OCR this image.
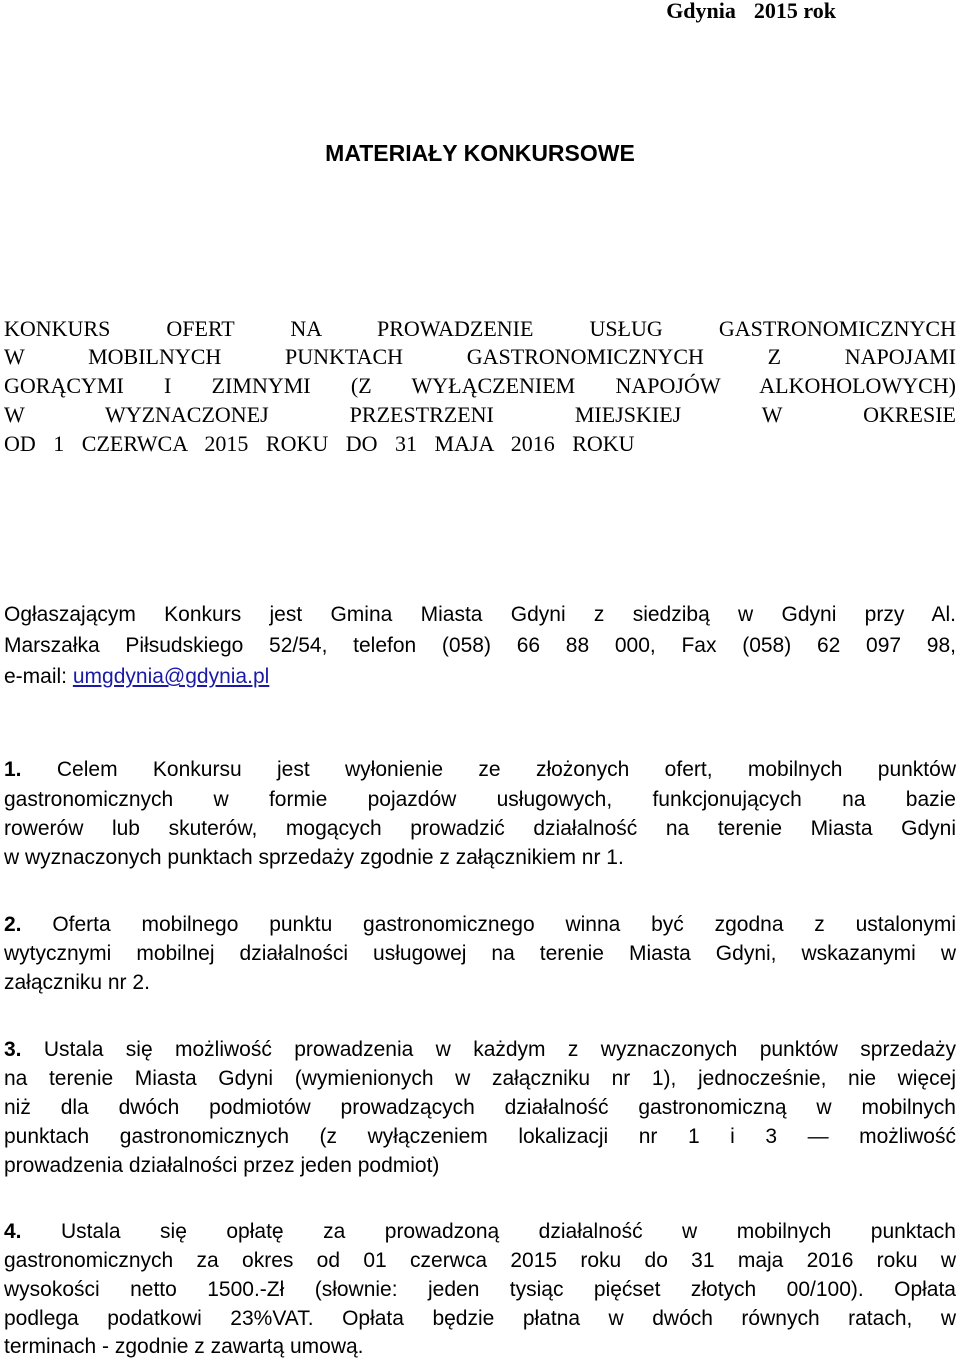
Gdynia 2015 rok
MATERIAŁY KONKURSOWE
KONKURS OFERT NA PROWADZENIE USŁUG GASTRONOMICZNYCH
W MOBILNYCH PUNKTACH GASTRONOMICZNYCH Z NAPOJAMI
GORĄCYMI I ZIMNYMI (Z WYŁĄCZENIEM NAPOJÓW ALKOHOLOWYCH)
W WYZNACZONEJ PRZESTRZENI MIEJSKIEJ W OKRESIE
OD 1 CZERWCA 2015 ROKU DO 31 MAJA 2016 ROKU
Ogłaszającym Konkurs jest Gmina Miasta Gdyni z siedzibą w Gdyni przy Al.
Marszałka Piłsudskiego 52/54, telefon (058) 66 88 000, Fax (058) 62 097 98,
e-mail: umgdynia@gdynia.pl
1. Celem Konkursu jest wyłonienie ze złożonych ofert, mobilnych punktów
gastronomicznych w formie pojazdów usługowych, funkcjonujących na bazie
rowerów lub skuterów, mogących prowadzić działalność na terenie Miasta Gdyni
w wyznaczonych punktach sprzedaży zgodnie z załącznikiem nr 1.
2. Oferta mobilnego punktu gastronomicznego winna być zgodna z ustalonymi
wytycznymi mobilnej działalności usługowej na terenie Miasta Gdyni, wskazanymi w
załączniku nr 2.
3. Ustala się możliwość prowadzenia w każdym z wyznaczonych punktów sprzedaży
na terenie Miasta Gdyni (wymienionych w załączniku nr 1), jednocześnie, nie więcej
niż dla dwóch podmiotów prowadzących działalność gastronomiczną w mobilnych
punktach gastronomicznych (z wyłączeniem lokalizacji nr 1 i 3 — możliwość
prowadzenia działalności przez jeden podmiot)
4. Ustala się opłatę za prowadzoną działalność w mobilnych punktach
gastronomicznych za okres od 01 czerwca 2015 roku do 31 maja 2016 roku w
wysokości netto 1500.-Zł (słownie: jeden tysiąc pięćset złotych 00/100). Opłata
podlega podatkowi 23%VAT. Opłata będzie płatna w dwóch równych ratach, w
terminach - zgodnie z zawartą umową.
